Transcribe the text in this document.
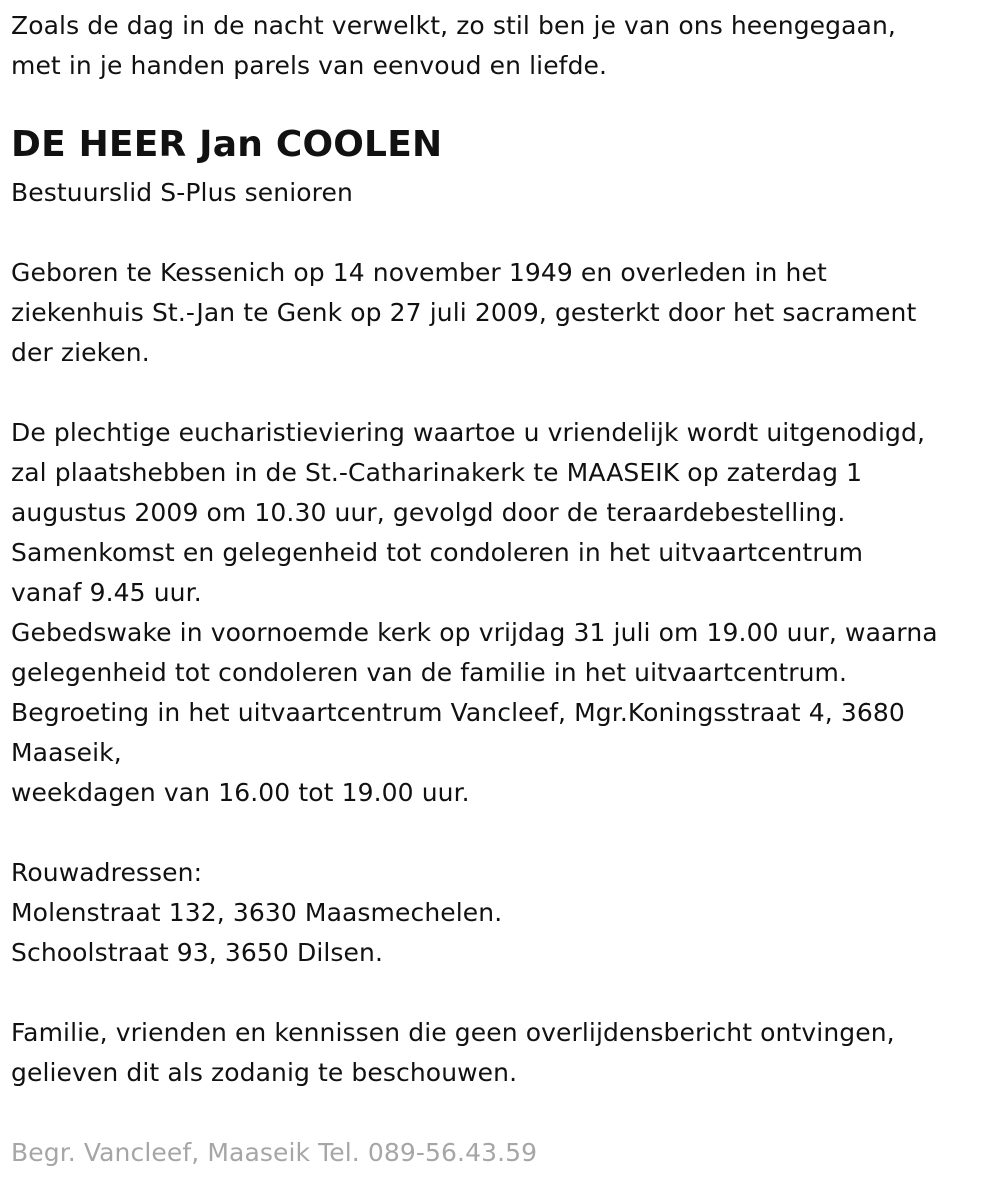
Zoals de dag in de nacht verwelkt, zo stil ben je van ons heengegaan,
met in je handen parels van eenvoud en liefde.
DE HEER Jan COOLEN
Bestuurslid S-Plus senioren
Geboren te Kessenich op 14 november 1949 en overleden in het
ziekenhuis St.-Jan te Genk op 27 juli 2009, gesterkt door het sacrament
der zieken.
De plechtige eucharistieviering waartoe u vriendelijk wordt uitgenodigd,
zal plaatshebben in de St.-Catharinakerk te MAASEIK op zaterdag 1
augustus 2009 om 10.30 uur, gevolgd door de teraardebestelling.
Samenkomst en gelegenheid tot condoleren in het uitvaartcentrum
vanaf 9.45 uur.
Gebedswake in voornoemde kerk op vrijdag 31 juli om 19.00 uur, waarna
gelegenheid tot condoleren van de familie in het uitvaartcentrum.
Begroeting in het uitvaartcentrum Vancleef, Mgr.Koningsstraat 4, 3680
Maaseik,
weekdagen van 16.00 tot 19.00 uur.
Rouwadressen:
Molenstraat 132, 3630 Maasmechelen.
Schoolstraat 93, 3650 Dilsen.
Familie, vrienden en kennissen die geen overlijdensbericht ontvingen,
gelieven dit als zodanig te beschouwen.
Begr. Vancleef, Maaseik Tel. 089-56.43.59
